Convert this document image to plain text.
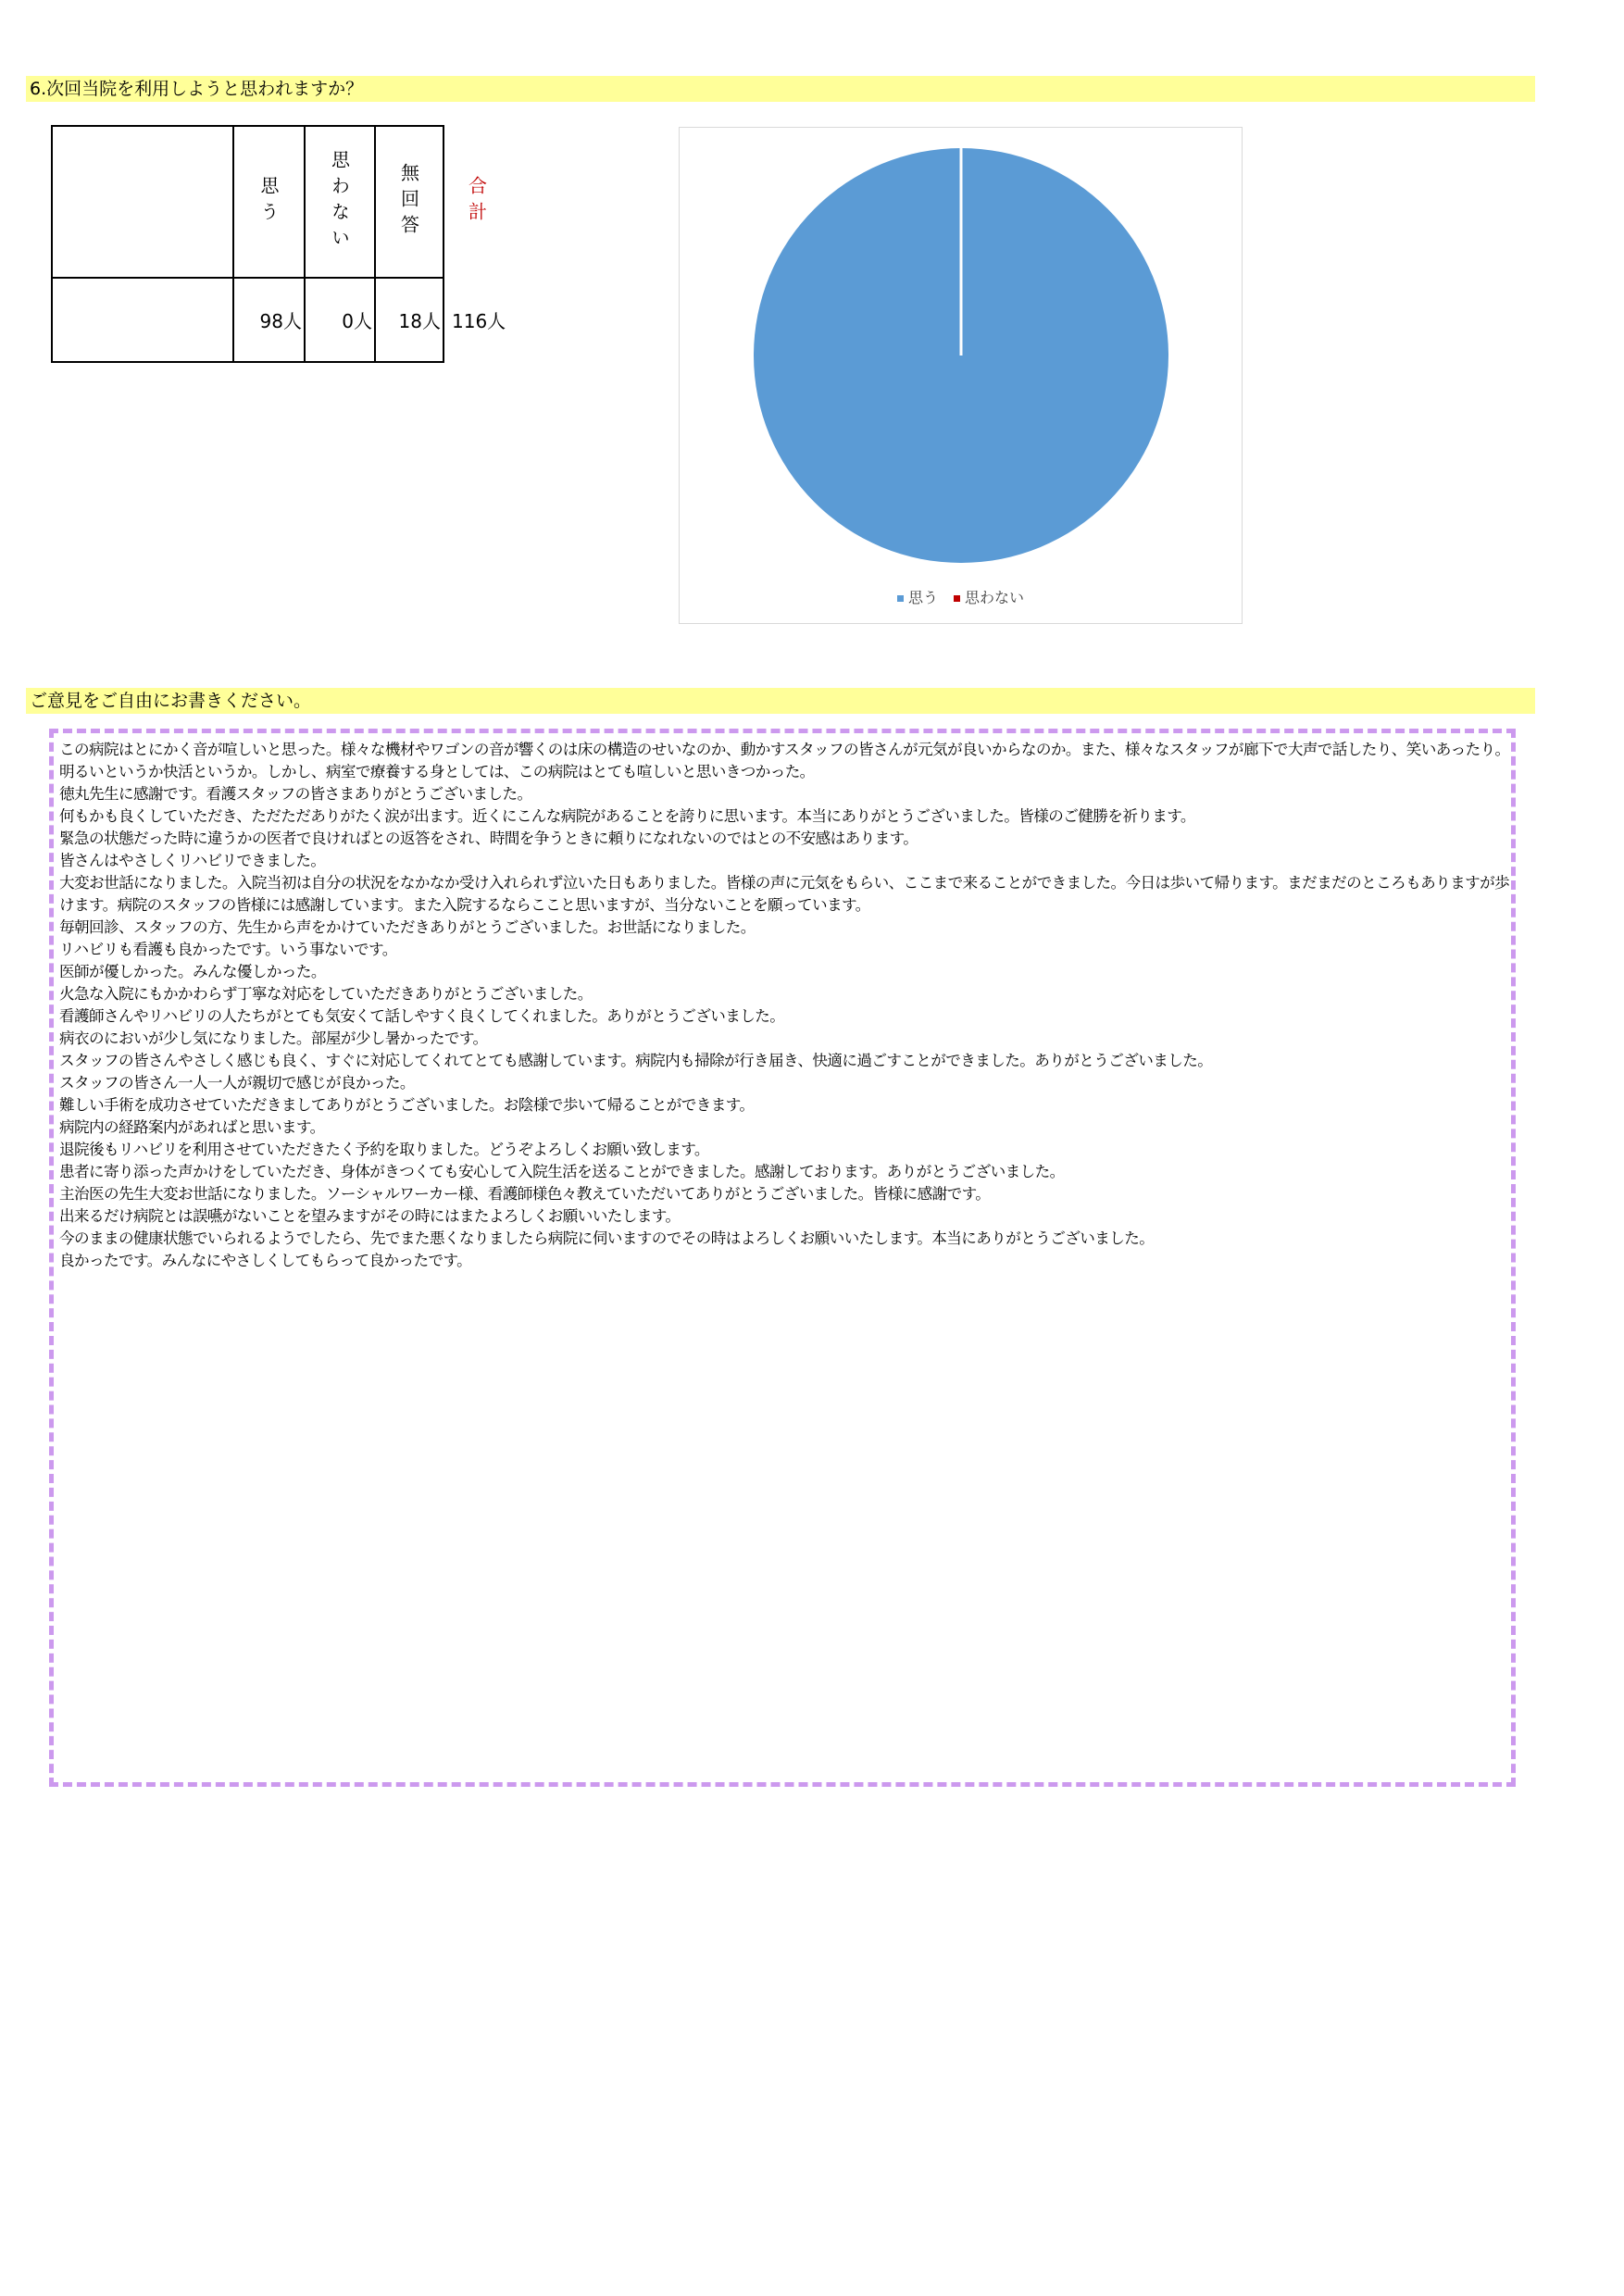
6.次回当院を利用しようと思われますか？

	思う	思わない	無回答	合計

	98人	0人	18人	116人
思う 思わない
ご意見をご自由にお書きください。
この病院はとにかく音が喧しいと思った。様々な機材やワゴンの音が響くのは床の構造のせいなのか、動かすスタッフの皆さんが元気が良いからなのか。また、様々なスタッフが廊下で大声で話したり、笑いあったり。明るいというか快活というか。しかし、病室で療養する身としては、この病院はとても喧しいと思いきつかった。
徳丸先生に感謝です。看護スタッフの皆さまありがとうございました。
何もかも良くしていただき、ただただありがたく涙が出ます。近くにこんな病院があることを誇りに思います。本当にありがとうございました。皆様のご健勝を祈ります。
緊急の状態だった時に違うかの医者で良ければとの返答をされ、時間を争うときに頼りになれないのではとの不安感はあります。
皆さんはやさしくリハビリできました。
大変お世話になりました。入院当初は自分の状況をなかなか受け入れられず泣いた日もありました。皆様の声に元気をもらい、ここまで来ることができました。今日は歩いて帰ります。まだまだのところもありますが歩けます。病院のスタッフの皆様には感謝しています。また入院するならここと思いますが、当分ないことを願っています。
毎朝回診、スタッフの方、先生から声をかけていただきありがとうございました。お世話になりました。
リハビリも看護も良かったです。いう事ないです。
医師が優しかった。みんな優しかった。
火急な入院にもかかわらず丁寧な対応をしていただきありがとうございました。
看護師さんやリハビリの人たちがとても気安くて話しやすく良くしてくれました。ありがとうございました。
病衣のにおいが少し気になりました。部屋が少し暑かったです。
スタッフの皆さんやさしく感じも良く、すぐに対応してくれてとても感謝しています。病院内も掃除が行き届き、快適に過ごすことができました。ありがとうございました。
スタッフの皆さん一人一人が親切で感じが良かった。
難しい手術を成功させていただきましてありがとうございました。お陰様で歩いて帰ることができます。
病院内の経路案内があればと思います。
退院後もリハビリを利用させていただきたく予約を取りました。どうぞよろしくお願い致します。
患者に寄り添った声かけをしていただき、身体がきつくても安心して入院生活を送ることができました。感謝しております。ありがとうございました。
主治医の先生大変お世話になりました。ソーシャルワーカー様、看護師様色々教えていただいてありがとうございました。皆様に感謝です。
出来るだけ病院とは誤嚥がないことを望みますがその時にはまたよろしくお願いいたします。
今のままの健康状態でいられるようでしたら、先でまた悪くなりましたら病院に伺いますのでその時はよろしくお願いいたします。本当にありがとうございました。
良かったです。みんなにやさしくしてもらって良かったです。
